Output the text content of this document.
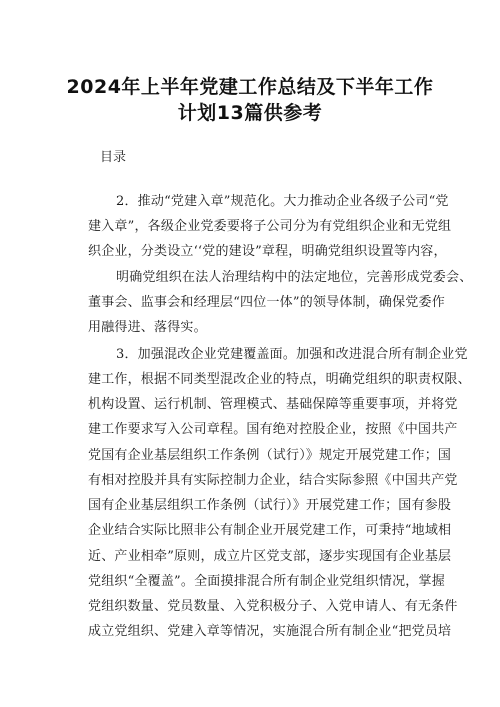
2024年上半年党建工作总结及下半年工作
计划13篇供参考
目录
2．推动“党建入章”规范化。大力推动企业各级子公司“党
建入章”，各级企业党委要将子公司分为有党组织企业和无党组
织企业，分类设立‘‘党的建设”章程，明确党组织设置等内容，
明确党组织在法人治理结构中的法定地位，完善形成党委会、
董事会、监事会和经理层“四位一体”的领导体制，确保党委作
用融得进、落得实。
3．加强混改企业党建覆盖面。加强和改进混合所有制企业党
建工作，根据不同类型混改企业的特点，明确党组织的职责权限、
机构设置、运行机制、管理模式、基础保障等重要事项，并将党
建工作要求写入公司章程。国有绝对控股企业，按照《中国共产
党国有企业基层组织工作条例（试行）》规定开展党建工作；国
有相对控股并具有实际控制力企业，结合实际参照《中国共产党
国有企业基层组织工作条例（试行）》开展党建工作；国有参股
企业结合实际比照非公有制企业开展党建工作，可秉持“地域相
近、产业相牵”原则，成立片区党支部，逐步实现国有企业基层
党组织“全覆盖”。全面摸排混合所有制企业党组织情况，掌握
党组织数量、党员数量、入党积极分子、入党申请人、有无条件
成立党组织、党建入章等情况，实施混合所有制企业“把党员培
